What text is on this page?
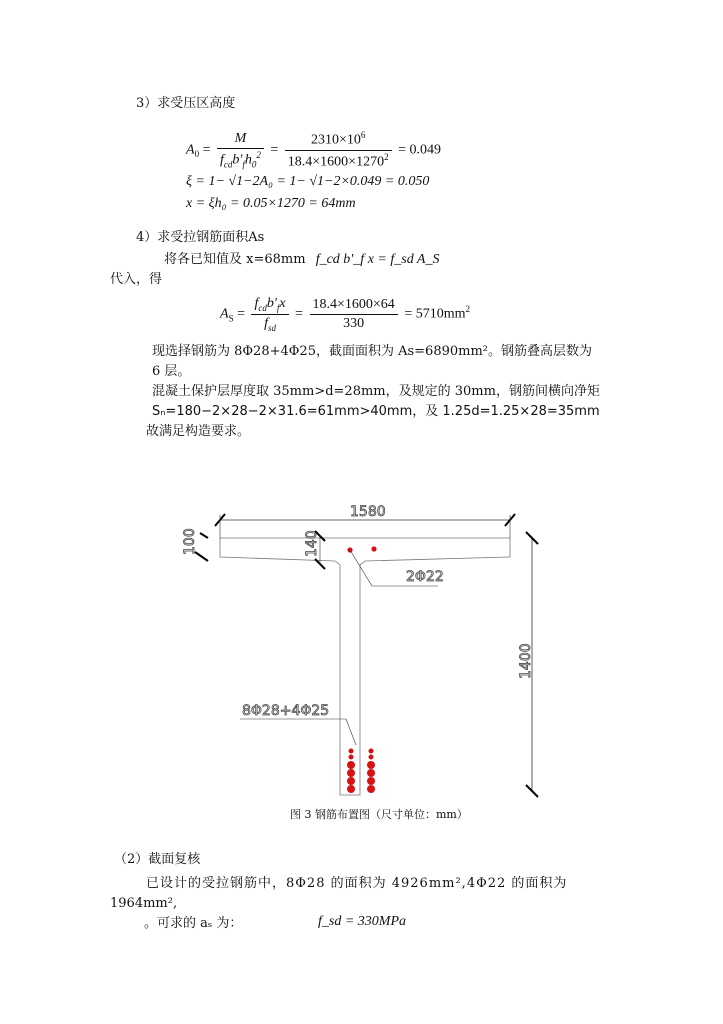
3）求受压区高度
$A_0 = \frac{M}{f_{cd}b'_fh_0^2} = \frac{2310\times 10^6}{18.4\times 1600\times 1270^2} = 0.049$
ξ = 1− √1−2A₀ = 1− √1−2×0.049 = 0.050
x = ξh₀ = 0.05×1270 = 64mm
4）求受拉钢筋面积As
将各已知值及 x=68mm f_cd b'_f x = f_sd A_S
代入，得
$A_S = \frac{f_{cd}b'_fx}{f_{sd}} = \frac{18.4\times 1600\times 64}{330} = 5710mm^2$
现选择钢筋为 8Φ28+4Φ25，截面面积为 As=6890mm²。钢筋叠高层数为
6 层。
混凝土保护层厚度取 35mm>d=28mm，及规定的 30mm，钢筋间横向净矩
Sₙ=180−2×28−2×31.6=61mm>40mm，及 1.25d=1.25×28=35mm
故满足构造要求。
1580
100	140
1400
2Φ22
8Φ28+4Φ25
图 3 钢筋布置图（尺寸单位：mm）
（2）截面复核
已设计的受拉钢筋中，8Φ28 的面积为 4926mm²,4Φ22 的面积为
1964mm²,
。可求的 aₛ 为：	f_sd = 330MPa
